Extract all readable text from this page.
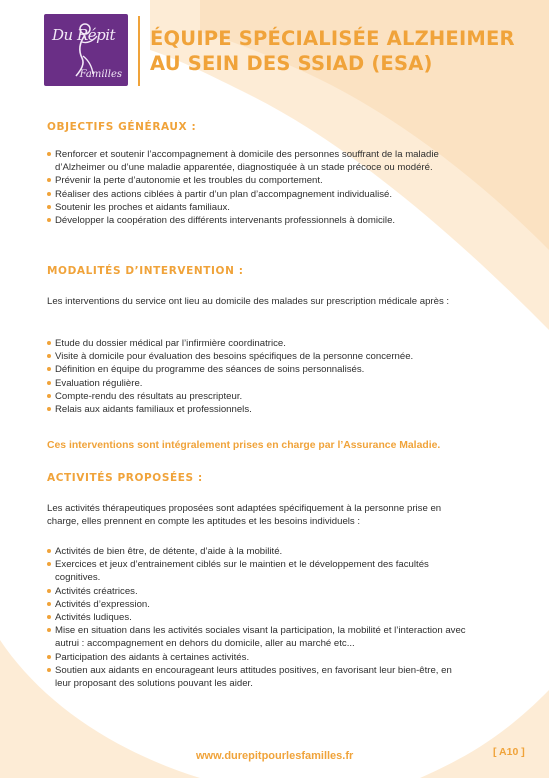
Du Répit
Familles
ÉQUIPE SPÉCIALISÉE ALZHEIMER
AU SEIN DES SSIAD (ESA)
OBJECTIFS GÉNÉRAUX :
Renforcer et soutenir l’accompagnement à domicile des personnes souffrant de la maladie d’Alzheimer ou d’une maladie apparentée, diagnostiquée à un stade précoce ou modéré.
Prévenir la perte d’autonomie et les troubles du comportement.
Réaliser des actions ciblées à partir d’un plan d’accompagnement individualisé.
Soutenir les proches et aidants familiaux.
Développer la coopération des différents intervenants professionnels à domicile.
MODALITÉS D’INTERVENTION :

Les interventions du service ont lieu au domicile des malades sur prescription médicale après :

Etude du dossier médical par l’infirmière coordinatrice.
Visite à domicile pour évaluation des besoins spécifiques de la personne concernée.
Définition en équipe du programme des séances de soins personnalisés.
Evaluation régulière.
Compte-rendu des résultats au prescripteur.
Relais aux aidants familiaux et professionnels.

Ces interventions sont intégralement prises en charge par l’Assurance Maladie.

ACTIVITÉS PROPOSÉES :

Les activités thérapeutiques proposées sont adaptées spécifiquement à la personne prise en charge, elles prennent en compte les aptitudes et les besoins individuels :

Activités de bien être, de détente, d’aide à la mobilité.
Exercices et jeux d’entrainement ciblés sur le maintien et le développement des facultés cognitives.
Activités créatrices.
Activités d’expression.
Activités ludiques.
Mise en situation dans les activités sociales visant la participation, la mobilité et l’interaction avec autrui : accompagnement en dehors du domicile, aller au marché etc...
Participation des aidants à certaines activités.
Soutien aux aidants en encourageant leurs attitudes positives, en favorisant leur bien-être, en leur proposant des solutions pouvant les aider.
www.durepitpourlesfamilles.fr	[ A10 ]
